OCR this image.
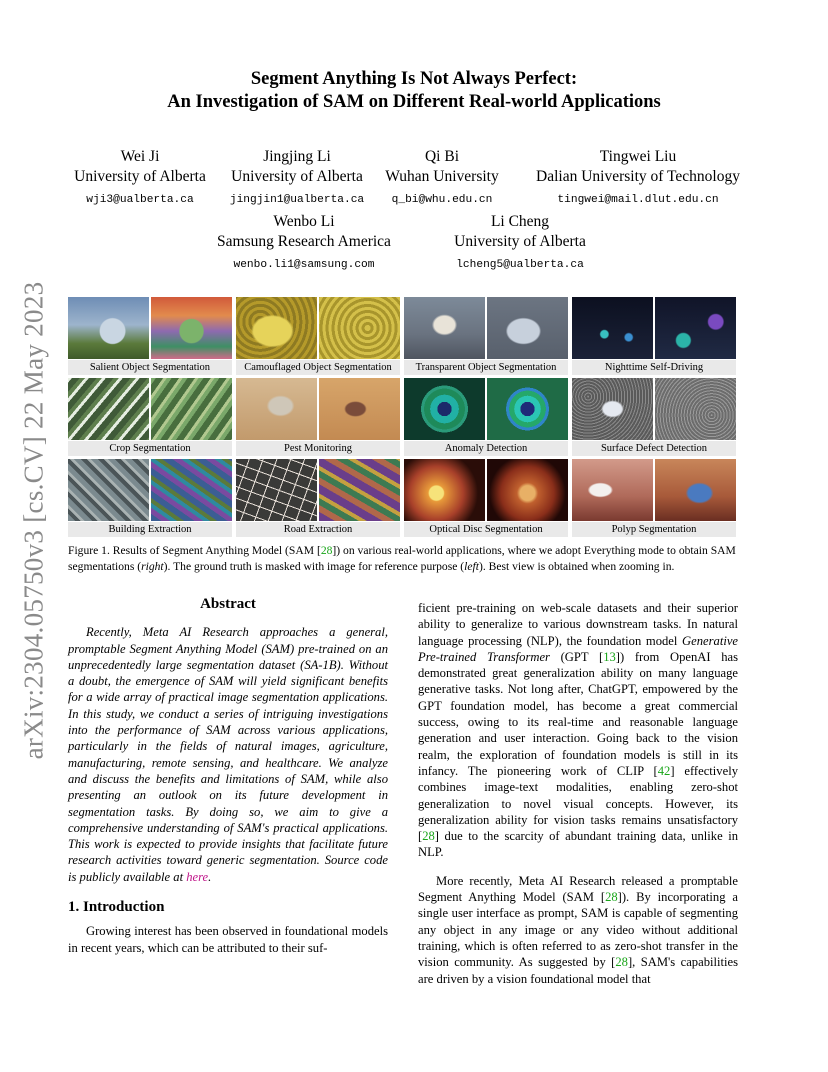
arXiv:2304.05750v3 [cs.CV] 22 May 2023
Segment Anything Is Not Always Perfect:
An Investigation of SAM on Different Real-world Applications
Wei Ji
University of Alberta
wji3@ualberta.ca
Jingjing Li
University of Alberta
jingjin1@ualberta.ca
Qi Bi
Wuhan University
q_bi@whu.edu.cn
Tingwei Liu
Dalian University of Technology
tingwei@mail.dlut.edu.cn
Wenbo Li
Samsung Research America
wenbo.li1@samsung.com
Li Cheng
University of Alberta
lcheng5@ualberta.ca
Salient Object Segmentation	Camouflaged Object Segmentation	Transparent Object Segmentation	Nighttime Self-Driving
Crop Segmentation	Pest Monitoring	Anomaly Detection	Surface Defect Detection
Building Extraction	Road Extraction	Optical Disc Segmentation	Polyp Segmentation
Figure 1. Results of Segment Anything Model (SAM [28]) on various real-world applications, where we adopt Everything mode to obtain SAM segmentations (right). The ground truth is masked with image for reference purpose (left). Best view is obtained when zooming in.
Abstract

Recently, Meta AI Research approaches a general, promptable Segment Anything Model (SAM) pre-trained on an unprecedentedly large segmentation dataset (SA-1B). Without a doubt, the emergence of SAM will yield significant benefits for a wide array of practical image segmentation applications. In this study, we conduct a series of intriguing investigations into the performance of SAM across various applications, particularly in the fields of natural images, agriculture, manufacturing, remote sensing, and healthcare. We analyze and discuss the benefits and limitations of SAM, while also presenting an outlook on its future development in segmentation tasks. By doing so, we aim to give a comprehensive understanding of SAM's practical applications. This work is expected to provide insights that facilitate future research activities toward generic segmentation. Source code is publicly available at here.

1. Introduction

Growing interest has been observed in foundational models in recent years, which can be attributed to their suf-

ficient pre-training on web-scale datasets and their superior ability to generalize to various downstream tasks. In natural language processing (NLP), the foundation model Generative Pre-trained Transformer (GPT [13]) from OpenAI has demonstrated great generalization ability on many language generative tasks. Not long after, ChatGPT, empowered by the GPT foundation model, has become a great commercial success, owing to its real-time and reasonable language generation and user interaction. Going back to the vision realm, the exploration of foundation models is still in its infancy. The pioneering work of CLIP [42] effectively combines image-text modalities, enabling zero-shot generalization to novel visual concepts. However, its generalization ability for vision tasks remains unsatisfactory [28] due to the scarcity of abundant training data, unlike in NLP.

More recently, Meta AI Research released a promptable Segment Anything Model (SAM [28]). By incorporating a single user interface as prompt, SAM is capable of segmenting any object in any image or any video without additional training, which is often referred to as zero-shot transfer in the vision community. As suggested by [28], SAM's capabilities are driven by a vision foundational model that
